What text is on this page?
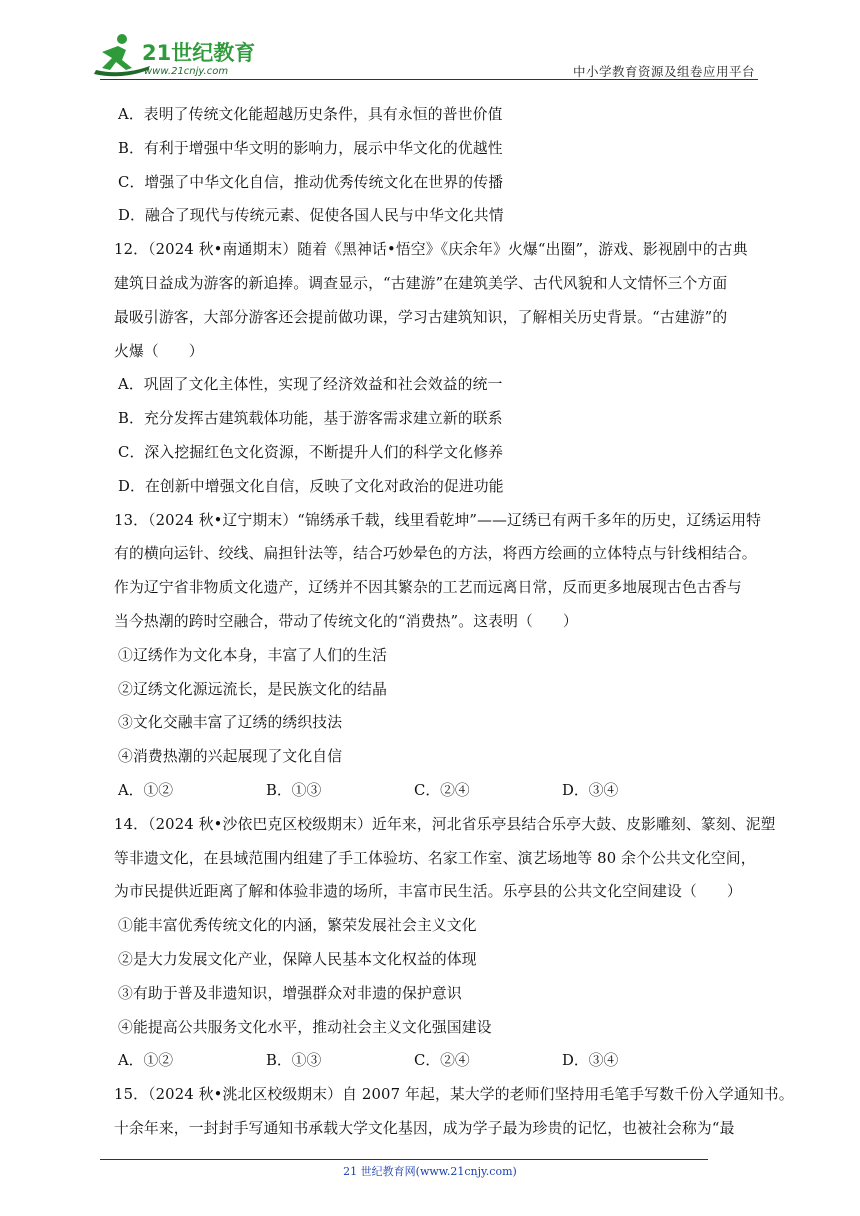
21世纪教育
www.21cnjy.com	中小学教育资源及组卷应用平台
A．表明了传统文化能超越历史条件，具有永恒的普世价值
B．有利于增强中华文明的影响力，展示中华文化的优越性
C．增强了中华文化自信，推动优秀传统文化在世界的传播
D．融合了现代与传统元素、促使各国人民与中华文化共情
12．（2024 秋•南通期末）随着《黑神话•悟空》《庆余年》火爆“出圈”，游戏、影视剧中的古典
建筑日益成为游客的新追捧。调查显示，“古建游”在建筑美学、古代风貌和人文情怀三个方面
最吸引游客，大部分游客还会提前做功课，学习古建筑知识，了解相关历史背景。“古建游”的
火爆（　　）
A．巩固了文化主体性，实现了经济效益和社会效益的统一
B．充分发挥古建筑载体功能，基于游客需求建立新的联系
C．深入挖掘红色文化资源，不断提升人们的科学文化修养
D．在创新中增强文化自信，反映了文化对政治的促进功能
13．（2024 秋•辽宁期末）“锦绣承千载，线里看乾坤”——辽绣已有两千多年的历史，辽绣运用特
有的横向运针、绞线、扁担针法等，结合巧妙晕色的方法，将西方绘画的立体特点与针线相结合。
作为辽宁省非物质文化遗产，辽绣并不因其繁杂的工艺而远离日常，反而更多地展现古色古香与
当今热潮的跨时空融合，带动了传统文化的“消费热”。这表明（　　）
①辽绣作为文化本身，丰富了人们的生活
②辽绣文化源远流长，是民族文化的结晶
③文化交融丰富了辽绣的绣织技法
④消费热潮的兴起展现了文化自信
A．①②	B．①③	C．②④	D．③④
14．（2024 秋•沙依巴克区校级期末）近年来，河北省乐亭县结合乐亭大鼓、皮影雕刻、篆刻、泥塑
等非遗文化，在县域范围内组建了手工体验坊、名家工作室、演艺场地等 80 余个公共文化空间，
为市民提供近距离了解和体验非遗的场所，丰富市民生活。乐亭县的公共文化空间建设（　　）
①能丰富优秀传统文化的内涵，繁荣发展社会主义文化
②是大力发展文化产业，保障人民基本文化权益的体现
③有助于普及非遗知识，增强群众对非遗的保护意识
④能提高公共服务文化水平，推动社会主义文化强国建设
A．①②	B．①③	C．②④	D．③④
15．（2024 秋•洮北区校级期末）自 2007 年起，某大学的老师们坚持用毛笔手写数千份入学通知书。
十余年来，一封封手写通知书承载大学文化基因，成为学子最为珍贵的记忆，也被社会称为“最
21 世纪教育网(www.21cnjy.com)
